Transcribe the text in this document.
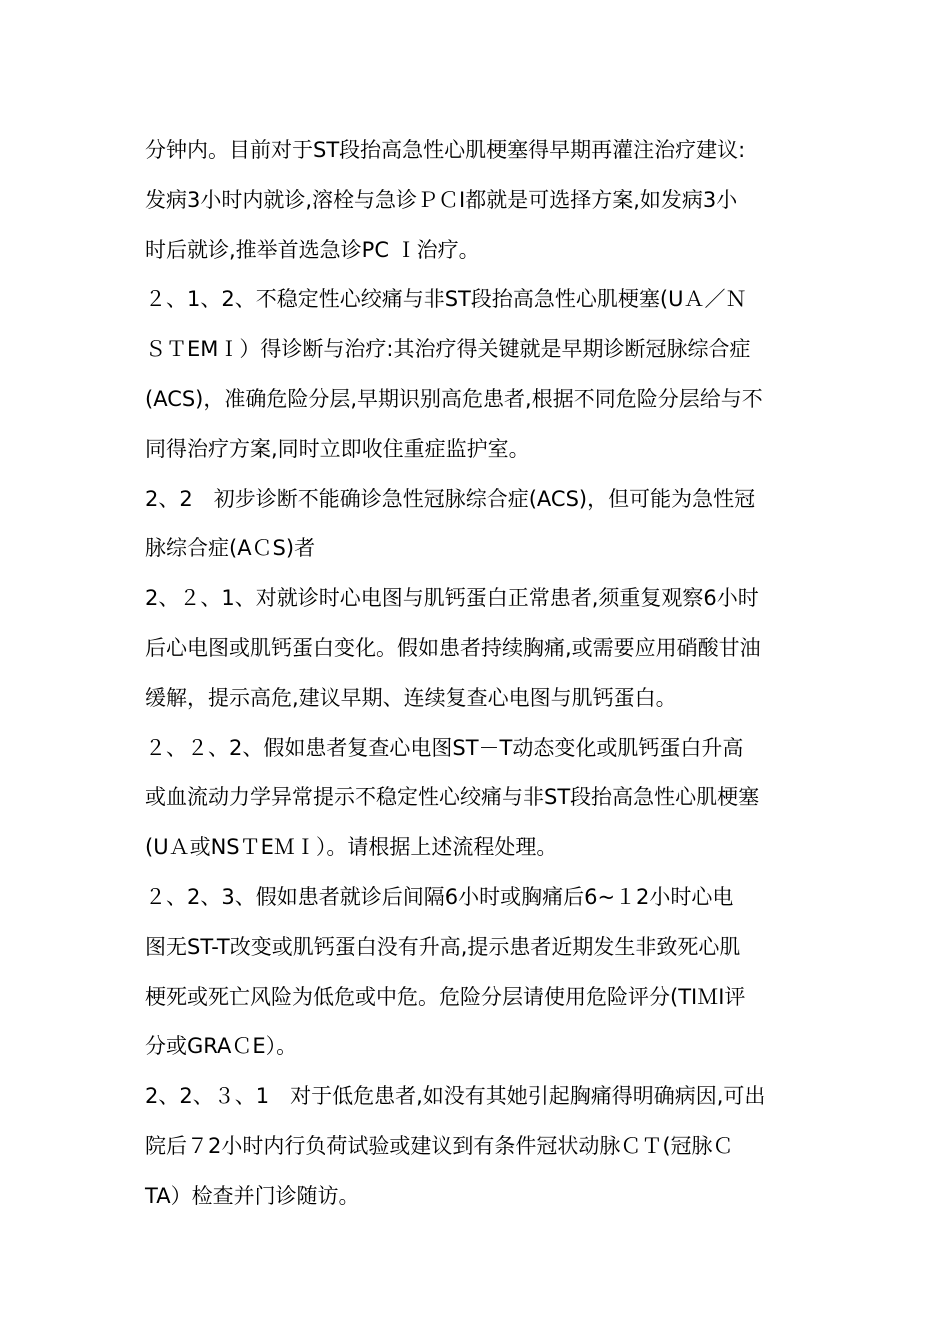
分钟内。目前对于ST段抬高急性心肌梗塞得早期再灌注治疗建议:
发病3小时内就诊,溶栓与急诊ＰＣI都就是可选择方案,如发病3小
时后就诊,推举首选急诊PC Ｉ治疗。
２、1、2、不稳定性心绞痛与非ST段抬高急性心肌梗塞(UＡ／Ｎ
ＳＴEMＩ）得诊断与治疗:其治疗得关键就是早期诊断冠脉综合症
(ACS)，准确危险分层,早期识别高危患者,根据不同危险分层给与不
同得治疗方案,同时立即收住重症监护室。
2、2　初步诊断不能确诊急性冠脉综合症(ACS)，但可能为急性冠
脉综合症(AＣS)者
2、２、1、对就诊时心电图与肌钙蛋白正常患者,须重复观察6小时
后心电图或肌钙蛋白变化。假如患者持续胸痛,或需要应用硝酸甘油
缓解，提示高危,建议早期、连续复查心电图与肌钙蛋白。
２、２、2、假如患者复查心电图ST－T动态变化或肌钙蛋白升高
或血流动力学异常提示不稳定性心绞痛与非ST段抬高急性心肌梗塞
(UＡ或NSＴEＭＩ）。请根据上述流程处理。
２、2、3、假如患者就诊后间隔6小时或胸痛后6~１2小时心电
图无ST-T改变或肌钙蛋白没有升高,提示患者近期发生非致死心肌
梗死或死亡风险为低危或中危。危险分层请使用危险评分(TIＭI评
分或GRAＣE）。
2、2、３、1　对于低危患者,如没有其她引起胸痛得明确病因,可出
院后７2小时内行负荷试验或建议到有条件冠状动脉ＣＴ(冠脉Ｃ
TA）检查并门诊随访。
